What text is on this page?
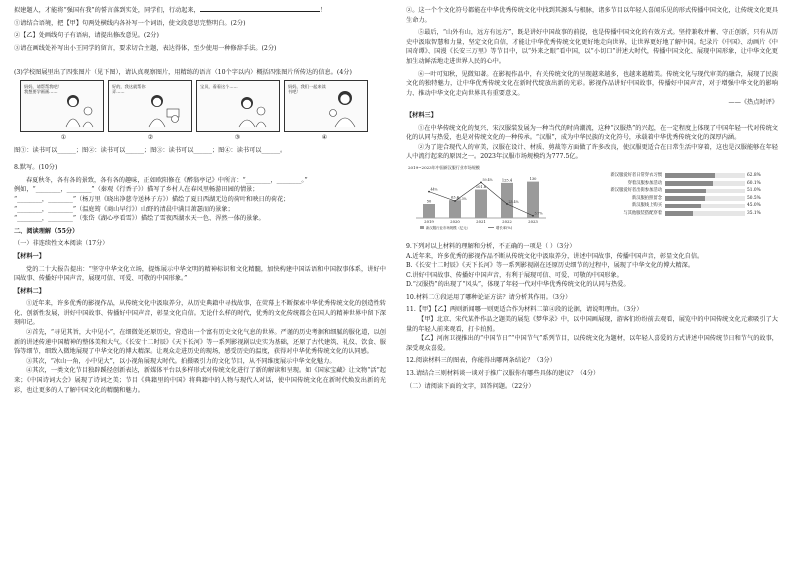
拟建题人，才能将“强国有我”的誓言落到实处，同学们，行动起来，	！

①请结合语境，把【甲】句两处横线内各补写一个词语，使文段意思完整明白。(2分)

②【乙】处画线句子有语病，请提出修改意见。(2分)

③请在画线处补写出小王同学的留言，要求切合主题，表达得体，至少使用一种修辞手法。(2分)

(3)学校图展里出了四张图片（见下图），请认真观察图片，用精练的语言（10个字以内）概括四张图片所传达的信息。(4分)

妈妈，请帮帮我吧！我想要学画画……
好的，我这就帮你弄……
宝贝，看看这个……	妈妈，我们一起来读书吧！
①	②	③	④

图①：读书可以______；图②：读书可以______；图③：读书可以______；图④：读书可以______。

8.默写。(10分)

春夏秋冬，各有各的景致，各有各的趣味，正如欧阳修在《醉翁亭记》中所言：“________，________。”

例如，“________，________”（秦观《行香子》）描写了乡村人在春风里畅游田园的情景；

“________，________”（杨万里《晓出净慈寺送林子方》）描绘了夏日西湖无边的荷叶和映日的荷花；

“________，________”（温庭筠《商山早行》）山野的清晨中满目萧瑟而的景象；

“________，________”（张岱《湖心亭看雪》）描绘了雪夜西湖水天一色、浑然一体的景象。

二、阅读理解（55分）

（一）非连续性文本阅读（17分）

【材料一】

党的二十大报告提出：“坚守中华文化立场，提炼展示中华文明的精神标识和文化精髓，加快构建中国话语和中国叙事体系，讲好中国故事、传播好中国声音，展现可信、可爱、可敬的中国形象。”

【材料二】

①近年来，许多优秀的影视作品，从传统文化中汲取养分，从历史典籍中寻找故事，在荧幕上不断探索中华优秀传统文化的创造性转化、创新性发展，讲好中国故事、传播好中国声音，彰显文化自信。无论什么样的时代，优秀的文化传统都会在国人的精神世界中留下深刻印记。

②首先，“寻见其旨，大中见小”，在细微处还原历史，营造出一个富有历史文化气息的世界。严谨的历史考据和细腻的服化道，以创新的讲述传递中国精神的整体美和大气。《长安十二时辰》《天下长河》等一系列影视剧以史实为基础，还原了古代建筑、礼仪、饮食、服饰等细节，细致入微地展现了中华文化的博大精深。让观众走进历史的现场，感受历史的温度，获得对中华优秀传统文化的认同感。

③其次，“冰山一角，小中见大”，以小视角展现大时代。拍摄吸引力的文化节目，从不同维度展示中华文化魅力。

④其次，一类文化节目独辟蹊径创新表达，新媒体平台以多样形式对传统文化进行了新的解读和呈现。如《国家宝藏》让文物“活”起来；《中国诗词大会》展现了诗词之美；节目《典籍里的中国》将典籍中的人物与现代人对话，使中国传统文化在新时代焕发出新的光彩，也让更多的人了解中国文化的精髓和魅力。

②。这一个个文化符号都能在中华优秀传统文化中找到其源头与根脉，诸多节目以年轻人喜闻乐见的形式传播中国文化，让传统文化更具生命力。

⑤最后，“山外有山，远方有远方”，既是讲好中国故事的前提，也是传播中国文化的有效方式。坚持兼收并蓄、守正创新，只有从历史中汲取智慧和力量，坚定文化自信，才能让中华优秀传统文化更好地走向世界，让世界更好地了解中国。纪录片《中国》、动画片《中国奇谭》、国漫《长安三万里》等节目中，以“外来之眼”看中国，以“小切口”讲述大时代，传播中国文化、展现中国形象，让中华文化更加生动鲜活地走进世界人民的心中。

⑥一叶可知秋，见微知著。在影视作品中，有关传统文化的呈现越来越多，也越来越精美。传统文化与现代审美的融合，展现了民族文化的独特魅力，让中华优秀传统文化在新时代绽放出新的光彩。影视作品讲好中国故事，传播好中国声音，对于增强中华文化的影响力、推动中华文化走向世界具有重要意义。

——《热点时评》

【材料三】

①在中华传统文化的复兴、宋汉服装发展为一种当代的时尚潮流，这种“汉服热”的兴起，在一定程度上体现了中国年轻一代对传统文化的认同与热爱，也是对传统文化的一种传承。“汉服”，成为中华民族的文化符号，承载着中华优秀传统文化的深厚内涵。

②为了迎合现代人的审美，汉服在设计、材质、剪裁等方面做了许多改良，使汉服更适合在日常生活中穿着，这也是汉服能够在年轻人中流行起来的原因之一。2023年汉服市场规模约为777.5亿。

2019~2023年中国新汉服行业市场规模
50
2019
63.6
2020
101.6
2021
125.4
2022
130
2023
44%
28.3%
59.4%
23.4%
3.7%
新汉服行业市场规模（亿元）	增长率(%)
新汉服爱好者日常穿衣习惯	62.8%
穿着汉服参加活动	60.1%
新汉服爱好者出街参加活动	51.0%
新汉服拍照留念	50.5%
新汉服线上购买	45.0%
与其他服装搭配穿着	35.1%

9.下列对以上材料的理解和分析，不正确的一项是（ ）（3分）

A.近年来，许多优秀的影视作品不断从传统文化中汲取养分，讲述中国故事，传播中国声音，彰显文化自信。

B.《长安十二时辰》《天下长河》等一系列影视剧在还原历史细节的过程中，展现了中华文化的博大精深。

C.讲好中国故事、传播好中国声音，有利于展现可信、可爱、可敬的中国形象。

D.“汉服热”的出现了“风头”，体现了年轻一代对中华优秀传统文化的认同与热爱。

10.材料二①段运用了哪种论证方法？请分析其作用。（3分）

11.【甲】【乙】两则新闻哪一则更适合作为材料二第④段的论据，请说明理由。（3分）

【甲】北京、宋代某件作品之题美的展览《梦华录》中，以中国画展现，游客们纷纷前去观看，展览中的中国传统文化元素吸引了大量的年轻人前来观看，打卡拍照。

【乙】河南卫视推出的“中国节日”“中国节气”系列节目，以传统文化为题材，以年轻人喜爱的方式讲述中国传统节日和节气的故事，深受观众喜爱。

12.阅读材料三的图表，你能得出哪两条结论？（3分）

13.请结合三则材料谈一谈对于推广汉服你有哪些具体的建议？（4分）

（二）请阅读下面的文字，回答问题。（22分）
